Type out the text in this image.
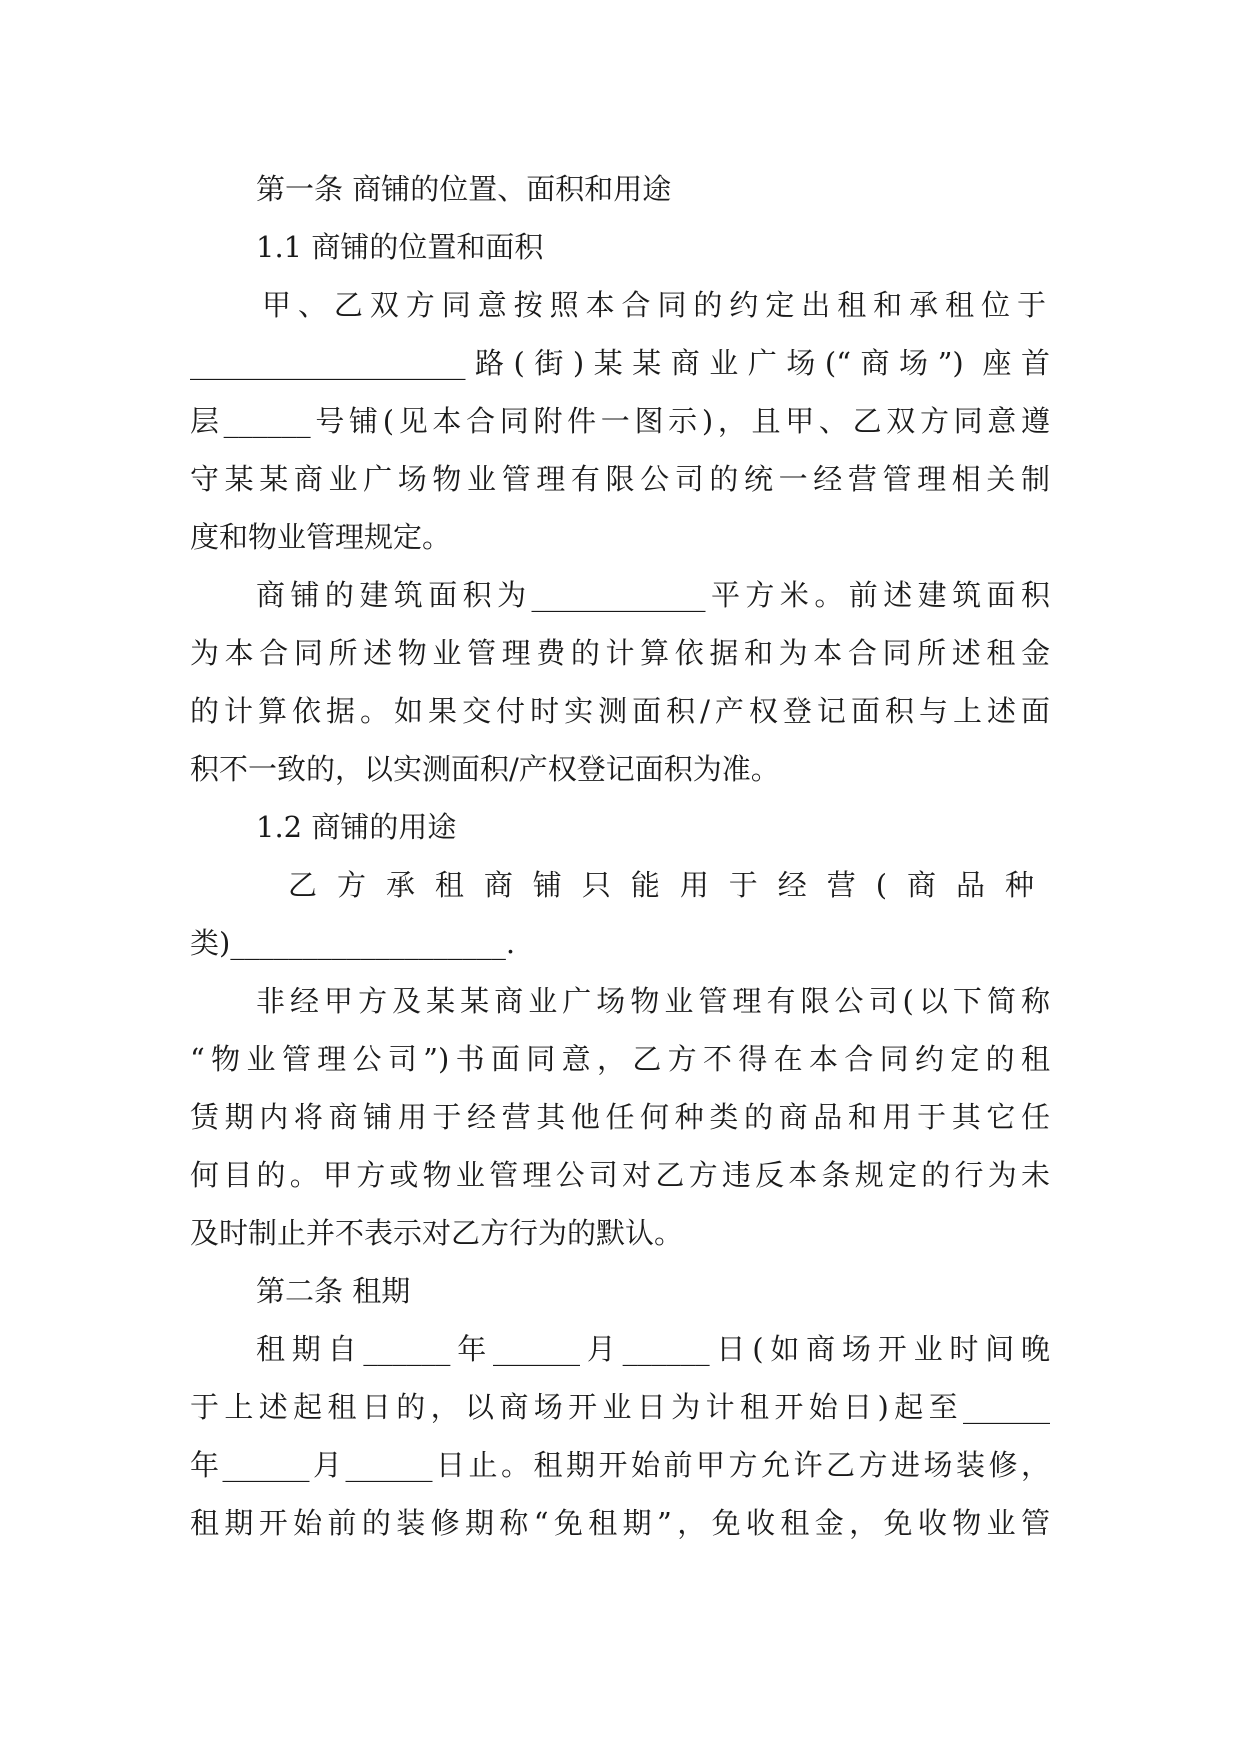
第一条 商铺的位置、面积和用途
1.1 商铺的位置和面积
甲、乙双方同意按照本合同的约定出租和承租位于
___________________路(街)某某商业广场(“商场”) 座首
层______号铺(见本合同附件一图示)，且甲、乙双方同意遵
守某某商业广场物业管理有限公司的统一经营管理相关制
度和物业管理规定。
商铺的建筑面积为____________平方米。前述建筑面积
为本合同所述物业管理费的计算依据和为本合同所述租金
的计算依据。如果交付时实测面积/产权登记面积与上述面
积不一致的，以实测面积/产权登记面积为准。
1.2 商铺的用途
乙方承租商铺只能用于经营(商品种
类)___________________.
非经甲方及某某商业广场物业管理有限公司(以下简称
“物业管理公司”)书面同意，乙方不得在本合同约定的租
赁期内将商铺用于经营其他任何种类的商品和用于其它任
何目的。甲方或物业管理公司对乙方违反本条规定的行为未
及时制止并不表示对乙方行为的默认。
第二条 租期
租期自______年______月______日(如商场开业时间晚
于上述起租日的，以商场开业日为计租开始日)起至______
年______月______日止。租期开始前甲方允许乙方进场装修，
租期开始前的装修期称“免租期”，免收租金，免收物业管
